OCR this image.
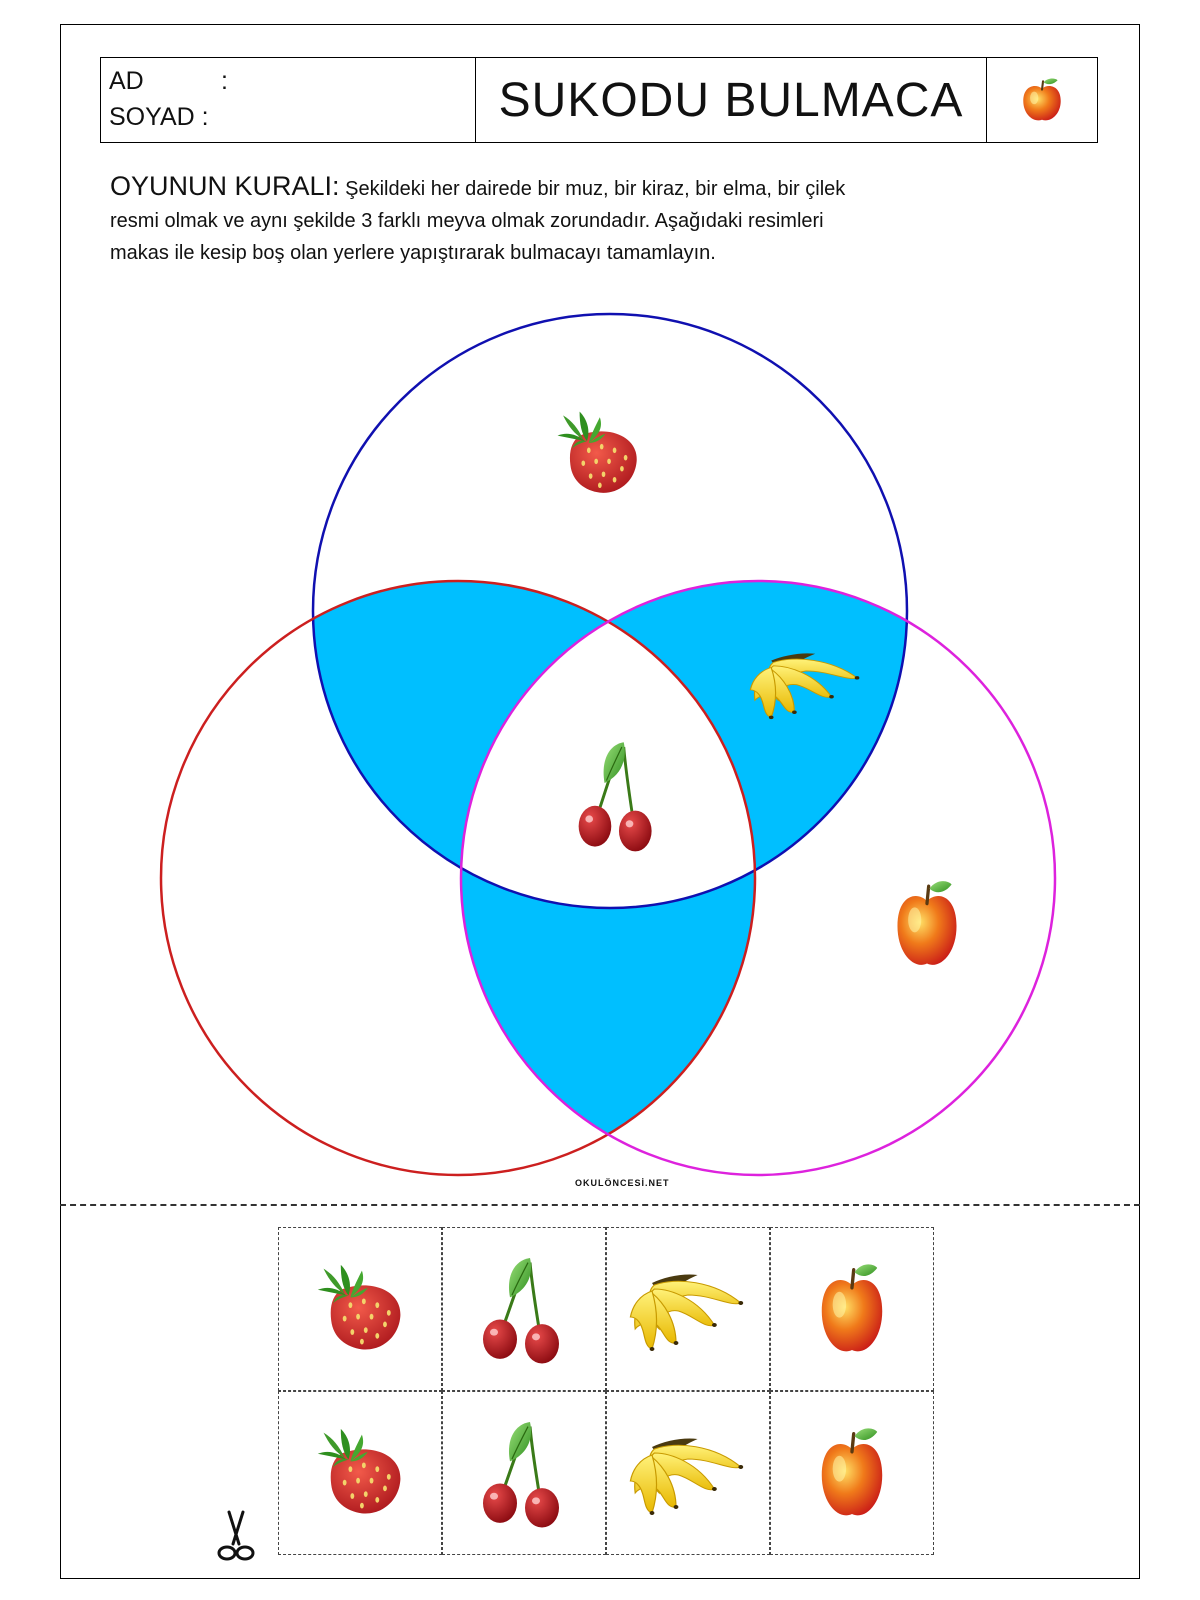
AD	:
SOYAD :	SUKODU BULMACA
OYUNUN KURALI: Şekildeki her dairede bir muz, bir kiraz, bir elma, bir çilek
resmi olmak ve aynı şekilde 3 farklı meyva olmak zorundadır. Aşağıdaki resimleri
makas ile kesip boş olan yerlere yapıştırarak bulmacayı tamamlayın.
OKULÖNCESİ.NET
